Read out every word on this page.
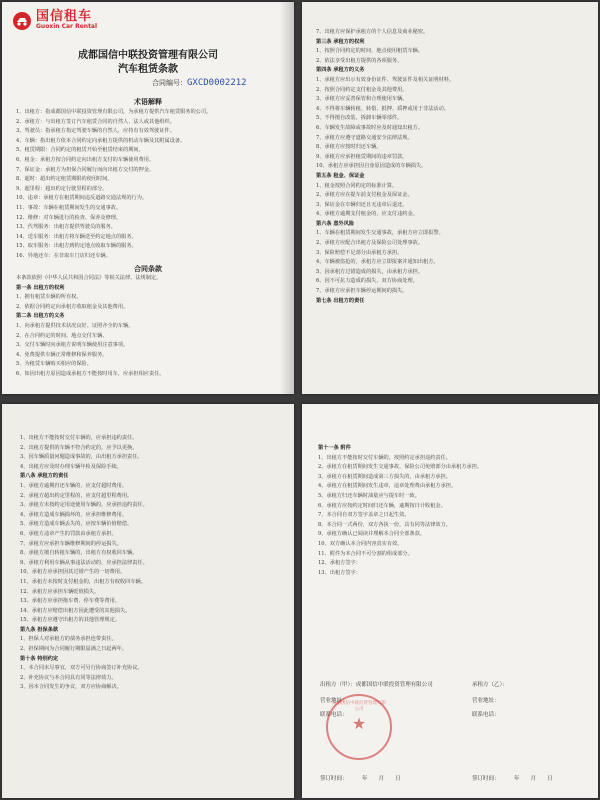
国信租车
Guoxin Car Rental
成都国信中联投资管理有限公司
汽车租赁条款
合同编号：GXCD0002212
术语解释
1、出租方：指成都国信中联投资管理有限公司，为承租方提供汽车租赁服务的公司。
2、承租方：与出租方签订汽车租赁合同的自然人、法人或其他组织。
3、驾驶员：指承租方指定驾驶车辆的自然人，应持有有效驾驶证件。
4、车辆：指出租方依本合同约定向承租方提供的机动车辆及其附属设备。
5、租赁期限：合同约定的租赁开始至租赁结束的期间。
6、租金：承租方按合同约定向出租方支付的车辆使用费用。
7、保证金：承租方为担保合同履行而向出租方交付的押金。
8、超时：超出约定租赁期限的使用时间。
9、超里程：超出约定行驶里程的部分。
10、违章：承租方在租赁期间违反道路交通法规的行为。
11、事故：车辆在租赁期间发生的交通事故。
12、维修：对车辆进行的检查、保养及修理。
13、代驾服务：出租方提供驾驶员的服务。
14、送车服务：出租方将车辆送至约定地点的服务。
15、取车服务：出租方到约定地点收取车辆的服务。
16、异地还车：在非取车门店归还车辆。
合同条款
本条款依照《中华人民共和国合同法》等相关法律、法规制定。
第一条 出租方的权利
1、拥有租赁车辆的所有权。
2、依据合同约定向承租方收取租金及其他费用。
第二条 出租方的义务
1、向承租方提供技术状况良好、证照齐全的车辆。
2、在合同约定的时间、地点交付车辆。
3、交付车辆时向承租方说明车辆使用注意事项。
4、免费提供车辆正常维修和保养服务。
5、为租赁车辆购买相应的保险。
6、如因出租方原因造成承租方不能按时用车，应承担相应责任。
7、出租方应保护承租方的个人信息及商业秘密。
第三条 承租方的权利
1、按照合同约定的时间、地点使用租赁车辆。
2、依法享受出租方提供的各项服务。
第四条 承租方的义务
1、承租方应出示有效身份证件、驾驶证件及相关证明材料。
2、按照合同约定支付租金及其他费用。
3、承租方应妥善保管和合理使用车辆。
4、不得将车辆转租、转借、抵押、质押或用于非法活动。
5、不得擅自改装、拆卸车辆零部件。
6、车辆发生故障或事故时应及时通知出租方。
7、承租方应遵守道路交通安全法律法规。
8、承租方应按时归还车辆。
9、承租方应承担租赁期间的违章罚款。
10、承租方应承担因自身原因造成的车辆损失。
第五条 租金、保证金
1、租金按照合同约定的标准计算。
2、承租方应在提车前支付租金及保证金。
3、保证金在车辆归还且无违章后退还。
4、承租方逾期支付租金的，应支付违约金。
第六条 意外风险
1、车辆在租赁期间发生交通事故，承租方应立即报警。
2、承租方应配合出租方及保险公司处理事故。
3、保险赔偿不足部分由承租方承担。
4、车辆被盗抢的，承租方应立即报案并通知出租方。
5、因承租方过错造成的损失，由承租方承担。
6、因不可抗力造成的损失，双方协商处理。
7、承租方应承担车辆停运期间的损失。
第七条 出租方的责任
1、出租方不能按时交付车辆的，应承担违约责任。
2、出租方提供的车辆不符合约定的，应予以更换。
3、因车辆质量问题造成事故的，由出租方承担责任。
4、出租方应及时办理车辆年检及保险手续。
第八条 承租方的责任
1、承租方逾期归还车辆的，应支付超时费用。
2、承租方超出约定里程的，应支付超里程费用。
3、承租方未按约定用途使用车辆的，应承担违约责任。
4、承租方造成车辆损坏的，应承担维修费用。
5、承租方造成车辆丢失的，应按车辆价值赔偿。
6、承租方违章产生的罚款由承租方承担。
7、承租方应承担车辆维修期间的停运损失。
8、承租方擅自转租车辆的，出租方有权收回车辆。
9、承租方利用车辆从事违法活动的，应承担法律责任。
10、承租方应承担因其过错产生的一切费用。
11、承租方未按时支付租金的，出租方有权收回车辆。
12、承租方应承担车辆贬值损失。
13、承租方应承担拖车费、停车费等费用。
14、承租方应赔偿出租方因此遭受的其他损失。
15、承租方应遵守出租方的其他管理规定。
第九条 担保条款
1、担保人对承租方的债务承担连带责任。
2、担保期间为合同履行期限届满之日起两年。
第十条 特别约定
1、本合同未尽事宜，双方可另行协商签订补充协议。
2、补充协议与本合同具有同等法律效力。
3、因本合同发生的争议，双方应协商解决。
第十一条 附件
1、出租方不能按时交付车辆的，按照约定承担违约责任。
2、承租方在租赁期间发生交通事故，保险公司免赔部分由承租方承担。
3、承租方在租赁期间造成第三方损失的，由承租方承担。
4、承租方在租赁期间发生违章，违章处理费由承租方承担。
5、承租方归还车辆时油量应与提车时一致。
6、承租方应按约定时间归还车辆，逾期按日计收租金。
7、本合同自双方签字盖章之日起生效。
8、本合同一式两份，双方各执一份，具有同等法律效力。
9、承租方确认已阅读并理解本合同全部条款。
10、双方确认本合同内容真实有效。
11、附件为本合同不可分割的组成部分。
12、承租方签字：
13、出租方签字：
出租方（甲）：成都国信中联投资管理有限公司	承租方（乙）：
营业地址：	营业地址：
联系电话：	联系电话：
成都国信中联投资管理有限公司
★
签订时间：	年　　月　　日	签订时间：	年　　月　　日
